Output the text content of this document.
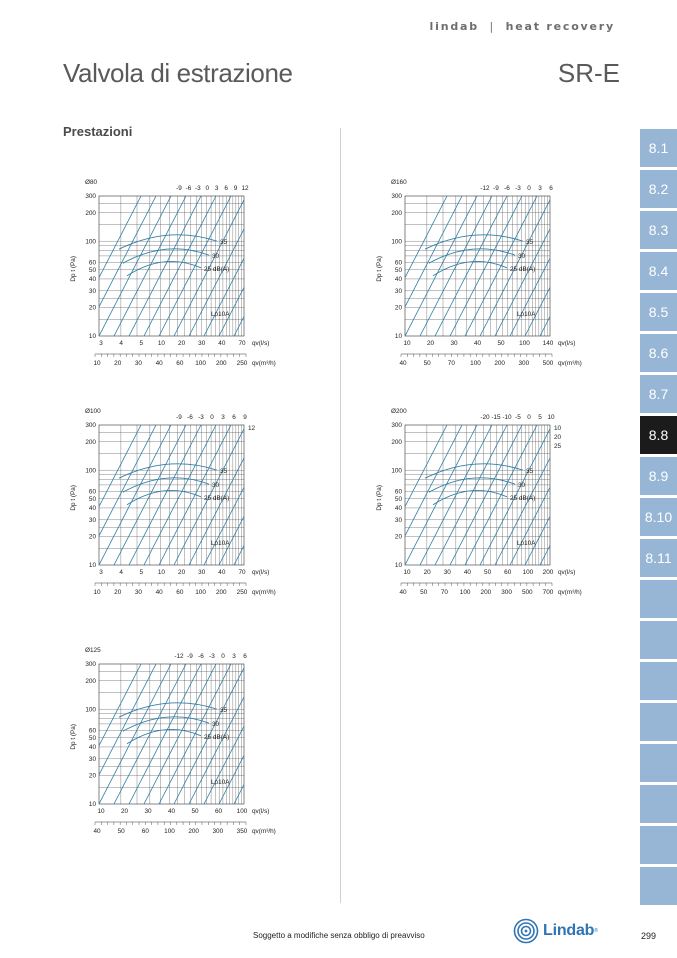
lindab | heat recovery
Valvola di estrazione	SR-E
Prestazioni
8.1
8.2
8.3
8.4
8.5
8.6
8.7
8.8
8.9
8.10
8.11
Ø80
300
200
100
60
50
40
30
20
10
Dp t (Pa)
35
30
25 dB(A)
Lp10A
-9 -6 -3 0 3 6 9 12
3	4	5 10 20 30 40 70 qv(l/s)
10 20 30 40 60 100 200 250 qv(m³/h)
Ø160
300
200
100
60
50
40
30
20
10
Dp t (Pa)
35
30
25 dB(A)
Lp10A
-12 -9 -6 -3 0 3 6
10	20	30	40	50 100 140 qv(l/s)
40	50	70 100 200 300 500 qv(m³/h)
Ø100
300
200
100
60
50
40
30
20
10
Dp t (Pa)
35
30
25 dB(A)
Lp10A
-9 -6 -3 0 3 6 9
12
3	4	5 10 20 30 40 70 qv(l/s)
10 20 30 40 60 100 200 250 qv(m³/h)
Ø200
300
200
100
60
50
40
30
20
10
Dp t (Pa)
35
30
25 dB(A)
Lp10A
-20 -15 -10 -5 0 5 10
10
20
25
10 20 30 40 50 60 100 200 qv(l/s)
40 50 70 100 200 300 500 700 qv(m³/h)
Ø125
300
200
100
60
50
40
30
20
10
Dp t (Pa)
35
30
25 dB(A)
Lp10A
-12 -9 -6 -3 0 3 6
10	20	30	40	50	60 100 qv(l/s)
40	50	60 100 200 300 350 qv(m³/h)
Soggetto a modifiche senza obbligo di preavviso	Lindab ®	299
